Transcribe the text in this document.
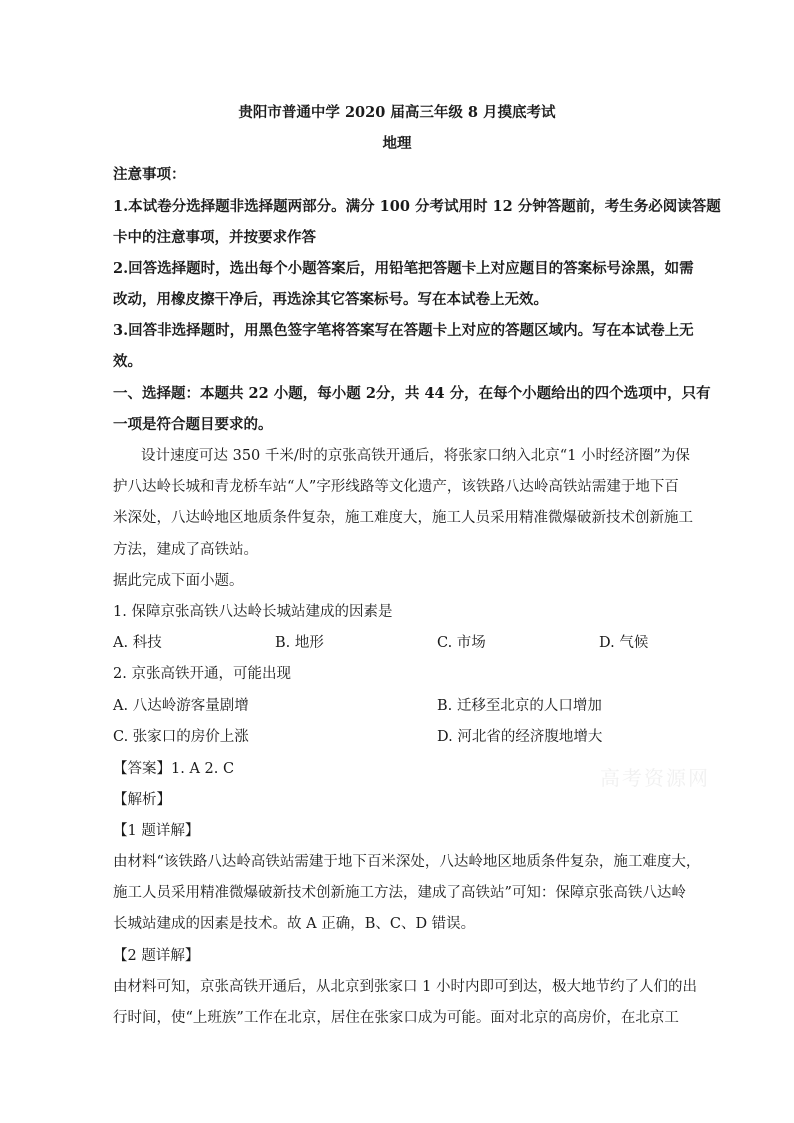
贵阳市普通中学 2020 届高三年级 8 月摸底考试
地理
注意事项：
1.本试卷分选择题非选择题两部分。满分 100 分考试用时 12 分钟答题前，考生务必阅读答题
卡中的注意事项，并按要求作答
2.回答选择题时，选出每个小题答案后，用铅笔把答题卡上对应题目的答案标号涂黑，如需
改动，用橡皮擦干净后，再选涂其它答案标号。写在本试卷上无效。
3.回答非选择题时，用黑色签字笔将答案写在答题卡上对应的答题区域内。写在本试卷上无
效。
一、选择题：本题共 22 小题，每小题 2分，共 44 分，在每个小题给出的四个选项中，只有
一项是符合题目要求的。
设计速度可达 350 千米/时的京张高铁开通后，将张家口纳入北京“1 小时经济圈”为保
护八达岭长城和青龙桥车站“人”字形线路等文化遗产，该铁路八达岭高铁站需建于地下百
米深处，八达岭地区地质条件复杂，施工难度大，施工人员采用精准微爆破新技术创新施工
方法，建成了高铁站。
据此完成下面小题。
1. 保障京张高铁八达岭长城站建成的因素是
A. 科技	B. 地形	C. 市场	D. 气候
2. 京张高铁开通，可能出现
A. 八达岭游客量剧增	B. 迁移至北京的人口增加
C. 张家口的房价上涨	D. 河北省的经济腹地增大
【答案】1. A 2. C	高考资源网
【解析】
【1 题详解】
由材料“该铁路八达岭高铁站需建于地下百米深处，八达岭地区地质条件复杂，施工难度大，
施工人员采用精准微爆破新技术创新施工方法，建成了高铁站”可知：保障京张高铁八达岭
长城站建成的因素是技术。故 A 正确，B、C、D 错误。
【2 题详解】
由材料可知，京张高铁开通后，从北京到张家口 1 小时内即可到达，极大地节约了人们的出
行时间，使“上班族”工作在北京，居住在张家口成为可能。面对北京的高房价，在北京工
